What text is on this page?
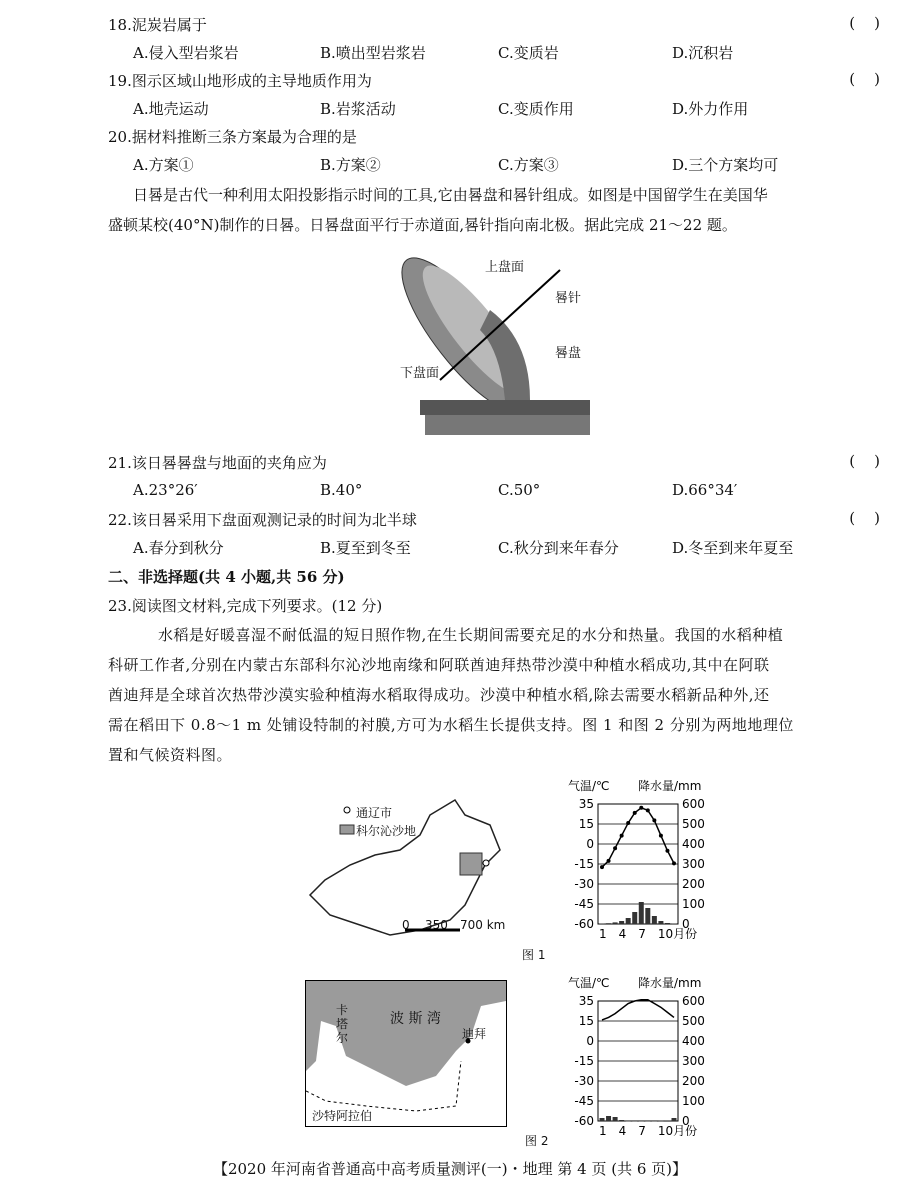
18.泥炭岩属于	(    )
A.侵入型岩浆岩	B.喷出型岩浆岩	C.变质岩	D.沉积岩
19.图示区域山地形成的主导地质作用为	(    )
A.地壳运动	B.岩浆活动	C.变质作用	D.外力作用
20.据材料推断三条方案最为合理的是
A.方案①	B.方案②	C.方案③	D.三个方案均可
日晷是古代一种利用太阳投影指示时间的工具,它由晷盘和晷针组成。如图是中国留学生在美国华
盛顿某校(40°N)制作的日晷。日晷盘面平行于赤道面,晷针指向南北极。据此完成 21～22 题。
上盘面
晷针
晷盘
下盘面
21.该日晷晷盘与地面的夹角应为	(    )
A.23°26′	B.40°	C.50°	D.66°34′
22.该日晷采用下盘面观测记录的时间为北半球	(    )
A.春分到秋分	B.夏至到冬至	C.秋分到来年春分	D.冬至到来年夏至
二、非选择题(共 4 小题,共 56 分)
23.阅读图文材料,完成下列要求。(12 分)
水稻是好暖喜湿不耐低温的短日照作物,在生长期间需要充足的水分和热量。我国的水稻种植
科研工作者,分别在内蒙古东部科尔沁沙地南缘和阿联酋迪拜热带沙漠中种植水稻成功,其中在阿联
酋迪拜是全球首次热带沙漠实验种植海水稻取得成功。沙漠中种植水稻,除去需要水稻新品种外,还
需在稻田下 0.8～1 m 处铺设特制的衬膜,方可为水稻生长提供支持。图 1 和图 2 分别为两地地理位
置和气候资料图。
通辽市
科尔沁沙地
0 350 700 km
波 斯 湾
卡塔尔	迪拜
沙特阿拉伯
气温/℃ 降水量/mm
35	600
15	500
0	400
-15	300
-30	200
-45	100
-60	0
1 4 7 10月份
图 1
气温/℃ 降水量/mm
35	600
15	500
0	400
-15	300
-30	200
-45	100
-60	0
1 4 7 10月份
图 2
【2020 年河南省普通高中高考质量测评(一)・地理 第 4 页 (共 6 页)】
